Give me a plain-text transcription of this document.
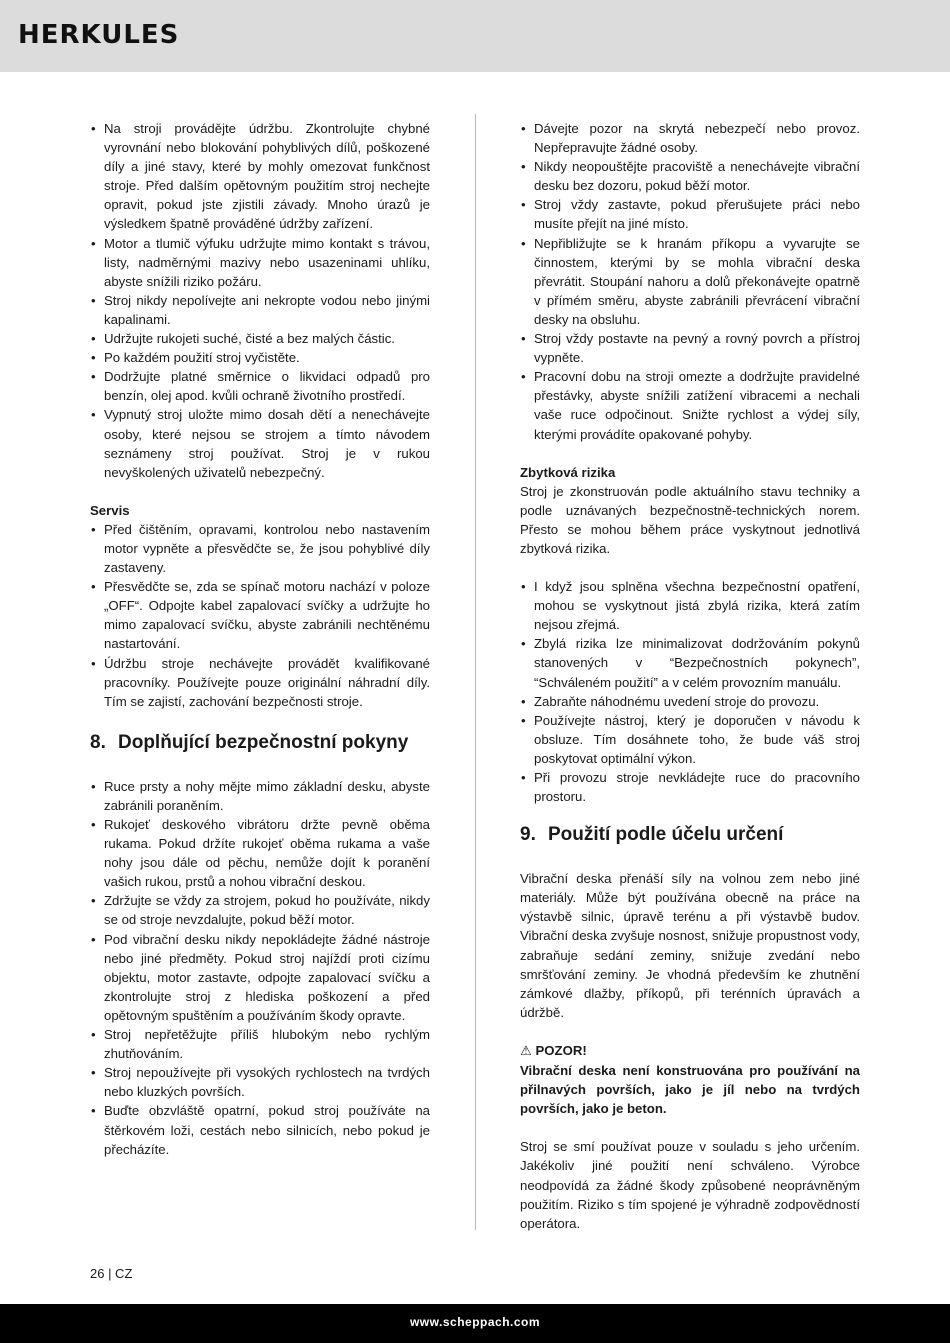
HERKULES
• Na stroji provádějte údržbu. Zkontrolujte chybné vyrovnání nebo blokování pohyblivých dílů, poškozené díly a jiné stavy, které by mohly omezovat funkčnost stroje. Před dalším opětovným použitím stroj nechejte opravit, pokud jste zjistili závady. Mnoho úrazů je výsledkem špatně prováděné údržby zařízení.
• Motor a tlumič výfuku udržujte mimo kontakt s trávou, listy, nadměrnými mazivy nebo usazeninami uhlíku, abyste snížili riziko požáru.
• Stroj nikdy nepolívejte ani nekropte vodou nebo jinými kapalinami.
• Udržujte rukojeti suché, čisté a bez malých částic.
• Po každém použití stroj vyčistěte.
• Dodržujte platné směrnice o likvidaci odpadů pro benzín, olej apod. kvůli ochraně životního prostředí.
• Vypnutý stroj uložte mimo dosah dětí a nenechávejte osoby, které nejsou se strojem a tímto návodem seznámeny stroj používat. Stroj je v rukou nevyškolených uživatelů nebezpečný.
Servis
• Před čištěním, opravami, kontrolou nebo nastavením motor vypněte a přesvědčte se, že jsou pohyblivé díly zastaveny.
• Přesvědčte se, zda se spínač motoru nachází v poloze „OFF“. Odpojte kabel zapalovací svíčky a udržujte ho mimo zapalovací svíčku, abyste zabránili nechtěnému nastartování.
• Údržbu stroje nechávejte provádět kvalifikované pracovníky. Používejte pouze originální náhradní díly. Tím se zajistí, zachování bezpečnosti stroje.
8. Doplňující bezpečnostní pokyny
• Ruce prsty a nohy mějte mimo základní desku, abyste zabránili poraněním.
• Rukojeť deskového vibrátoru držte pevně oběma rukama. Pokud držíte rukojeť oběma rukama a vaše nohy jsou dále od pěchu, nemůže dojít k poranění vašich rukou, prstů a nohou vibrační deskou.
• Zdržujte se vždy za strojem, pokud ho používáte, nikdy se od stroje nevzdalujte, pokud běží motor.
• Pod vibrační desku nikdy nepokládejte žádné nástroje nebo jiné předměty. Pokud stroj najíždí proti cizímu objektu, motor zastavte, odpojte zapalovací svíčku a zkontrolujte stroj z hlediska poškození a před opětovným spuštěním a používáním škody opravte.
• Stroj nepřetěžujte příliš hlubokým nebo rychlým zhutňováním.
• Stroj nepoužívejte při vysokých rychlostech na tvrdých nebo kluzkých površích.
• Buďte obzvláště opatrní, pokud stroj používáte na štěrkovém loži, cestách nebo silnicích, nebo pokud je přecházíte.
• Dávejte pozor na skrytá nebezpečí nebo provoz. Nepřepravujte žádné osoby.
• Nikdy neopouštějte pracoviště a nenechávejte vibrační desku bez dozoru, pokud běží motor.
• Stroj vždy zastavte, pokud přerušujete práci nebo musíte přejít na jiné místo.
• Nepřibližujte se k hranám příkopu a vyvarujte se činnostem, kterými by se mohla vibrační deska převrátit. Stoupání nahoru a dolů překonávejte opatrně v přímém směru, abyste zabránili převrácení vibrační desky na obsluhu.
• Stroj vždy postavte na pevný a rovný povrch a přístroj vypněte.
• Pracovní dobu na stroji omezte a dodržujte pravidelné přestávky, abyste snížili zatížení vibracemi a nechali vaše ruce odpočinout. Snižte rychlost a výdej síly, kterými provádíte opakované pohyby.
Zbytková rizika

Stroj je zkonstruován podle aktuálního stavu techniky a podle uznávaných bezpečnostně-technických norem. Přesto se mohou během práce vyskytnout jednotlivá zbytková rizika.

• I když jsou splněna všechna bezpečnostní opatření, mohou se vyskytnout jistá zbylá rizika, která zatím nejsou zřejmá.
• Zbylá rizika lze minimalizovat dodržováním pokynů stanovených v “Bezpečnostních pokynech”, “Schváleném použití” a v celém provozním manuálu.
• Zabraňte náhodnému uvedení stroje do provozu.
• Používejte nástroj, který je doporučen v návodu k obsluze. Tím dosáhnete toho, že bude váš stroj poskytovat optimální výkon.
• Při provozu stroje nevkládejte ruce do pracovního prostoru.
9. Použití podle účelu určení

Vibrační deska přenáší síly na volnou zem nebo jiné materiály. Může být používána obecně na práce na výstavbě silnic, úpravě terénu a při výstavbě budov. Vibrační deska zvyšuje nosnost, snižuje propustnost vody, zabraňuje sedání zeminy, snižuje zvedání nebo smršťování zeminy. Je vhodná především ke zhutnění zámkové dlažby, příkopů, při terénních úpravách a údržbě.

⚠ POZOR!

Vibrační deska není konstruována pro používání na přilnavých površích, jako je jíl nebo na tvrdých površích, jako je beton.

Stroj se smí používat pouze v souladu s jeho určením. Jakékoliv jiné použití není schváleno. Výrobce neodpovídá za žádné škody způsobené neoprávněným použitím. Riziko s tím spojené je výhradně zodpovědností operátora.

26 | CZ
www.scheppach.com
